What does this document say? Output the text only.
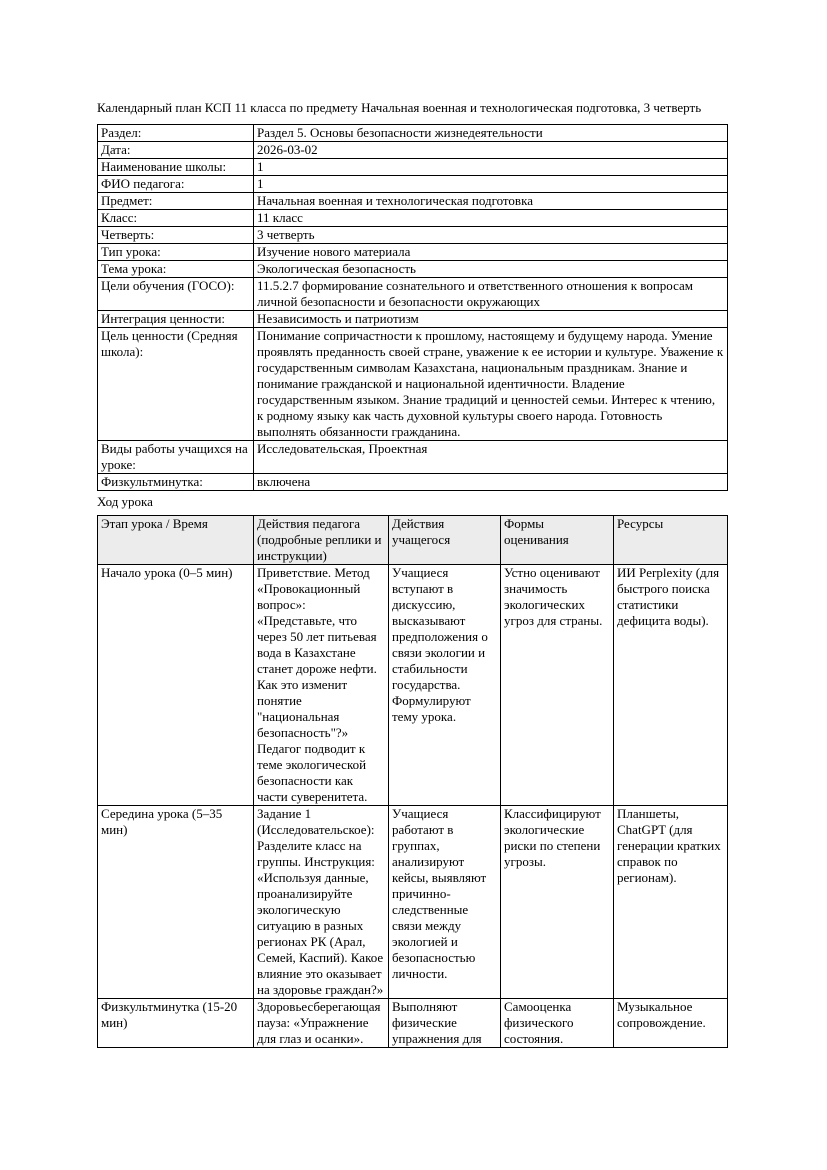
Календарный план КСП 11 класса по предмету Начальная военная и технологическая подготовка, 3 четверть

Раздел:	Раздел 5. Основы безопасности жизнедеятельности
Дата:	2026-03-02
Наименование школы:	1
ФИО педагога:	1
Предмет:	Начальная военная и технологическая подготовка
Класс:	11 класс
Четверть:	3 четверть
Тип урока:	Изучение нового материала
Тема урока:	Экологическая безопасность
Цели обучения (ГОСО):	11.5.2.7 формирование сознательного и ответственного отношения к вопросам личной безопасности и безопасности окружающих
Интеграция ценности:	Независимость и патриотизм
Цель ценности (Средняя школа):	Понимание сопричастности к прошлому, настоящему и будущему народа. Умение проявлять преданность своей стране, уважение к ее истории и культуре. Уважение к государственным символам Казахстана, национальным праздникам. Знание и понимание гражданской и национальной идентичности. Владение государственным языком. Знание традиций и ценностей семьи. Интерес к чтению, к родному языку как часть духовной культуры своего народа. Готовность выполнять обязанности гражданина.
Виды работы учащихся на уроке:	Исследовательская, Проектная
Физкультминутка:	включена

Ход урока

Этап урока / Время	Действия педагога (подробные реплики и инструкции)	Действия учащегося	Формы оценивания	Ресурсы
Начало урока (0–5 мин)	Приветствие. Метод «Провокационный вопрос»: «Представьте, что через 50 лет питьевая вода в Казахстане станет дороже нефти. Как это изменит понятие "национальная безопасность"?» Педагог подводит к теме экологической безопасности как части суверенитета.	Учащиеся вступают в дискуссию, высказывают предположения о связи экологии и стабильности государства. Формулируют тему урока.	Устно оценивают значимость экологических угроз для страны.	ИИ Perplexity (для быстрого поиска статистики дефицита воды).
Середина урока (5–35 мин)	Задание 1 (Исследовательское): Разделите класс на группы. Инструкция: «Используя данные, проанализируйте экологическую ситуацию в разных регионах РК (Арал, Семей, Каспий). Какое влияние это оказывает на здоровье граждан?»	Учащиеся работают в группах, анализируют кейсы, выявляют причинно-следственные связи между экологией и безопасностью личности.	Классифицируют экологические риски по степени угрозы.	Планшеты, ChatGPT (для генерации кратких справок по регионам).
Физкультминутка (15-20 мин)	Здоровьесберегающая пауза: «Упражнение для глаз и осанки».	Выполняют физические упражнения для	Самооценка физического состояния.	Музыкальное сопровождение.
